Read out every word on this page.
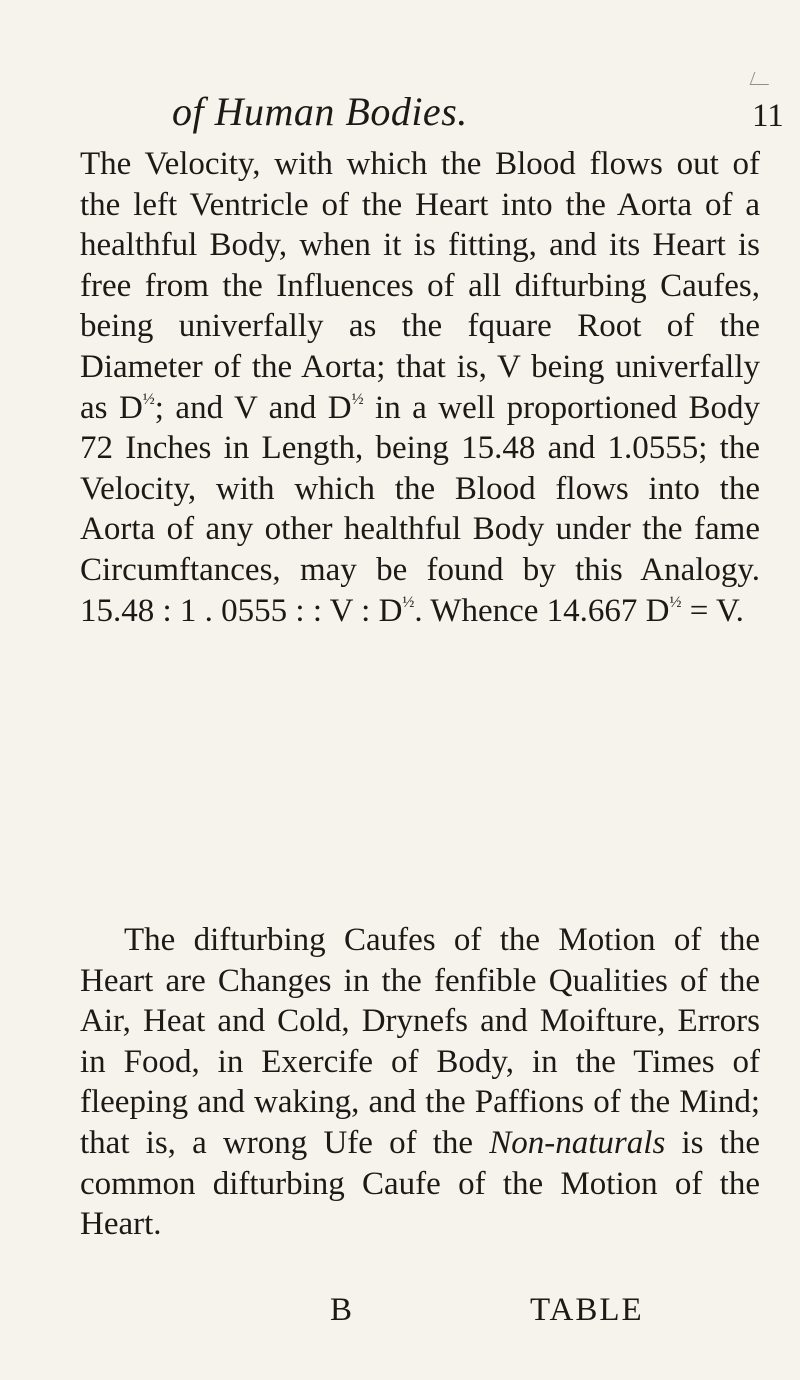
of Human Bodies.	11

The Velocity, with which the Blood flows out of the left Ventricle of the Heart into the Aorta of a healthful Body, when it is fitting, and its Heart is free from the Influences of all difturbing Caufes, being univerfally as the fquare Root of the Diameter of the Aorta; that is, V being univerfally as $D^{\frac{1}{2}}$; and V and $D^{\frac{1}{2}}$ in a well proportioned Body 72 Inches in Length, being 15.48 and 1.0555; the Velocity, with which the Blood flows into the Aorta of any other healthful Body under the fame Circumftances, may be found by this Analogy. 15.48 : 1 . 0555 : : V : $D^{\frac{1}{2}}$. Whence 14.667 $D^{\frac{1}{2}} = V$.

The difturbing Caufes of the Motion of the Heart are Changes in the fenfible Qualities of the Air, Heat and Cold, Drynefs and Moifture, Errors in Food, in Exercife of Body, in the Times of fleeping and waking, and the Paffions of the Mind; that is, a wrong Ufe of the Non-naturals is the common difturbing Caufe of the Motion of the Heart.

B	TABLE
